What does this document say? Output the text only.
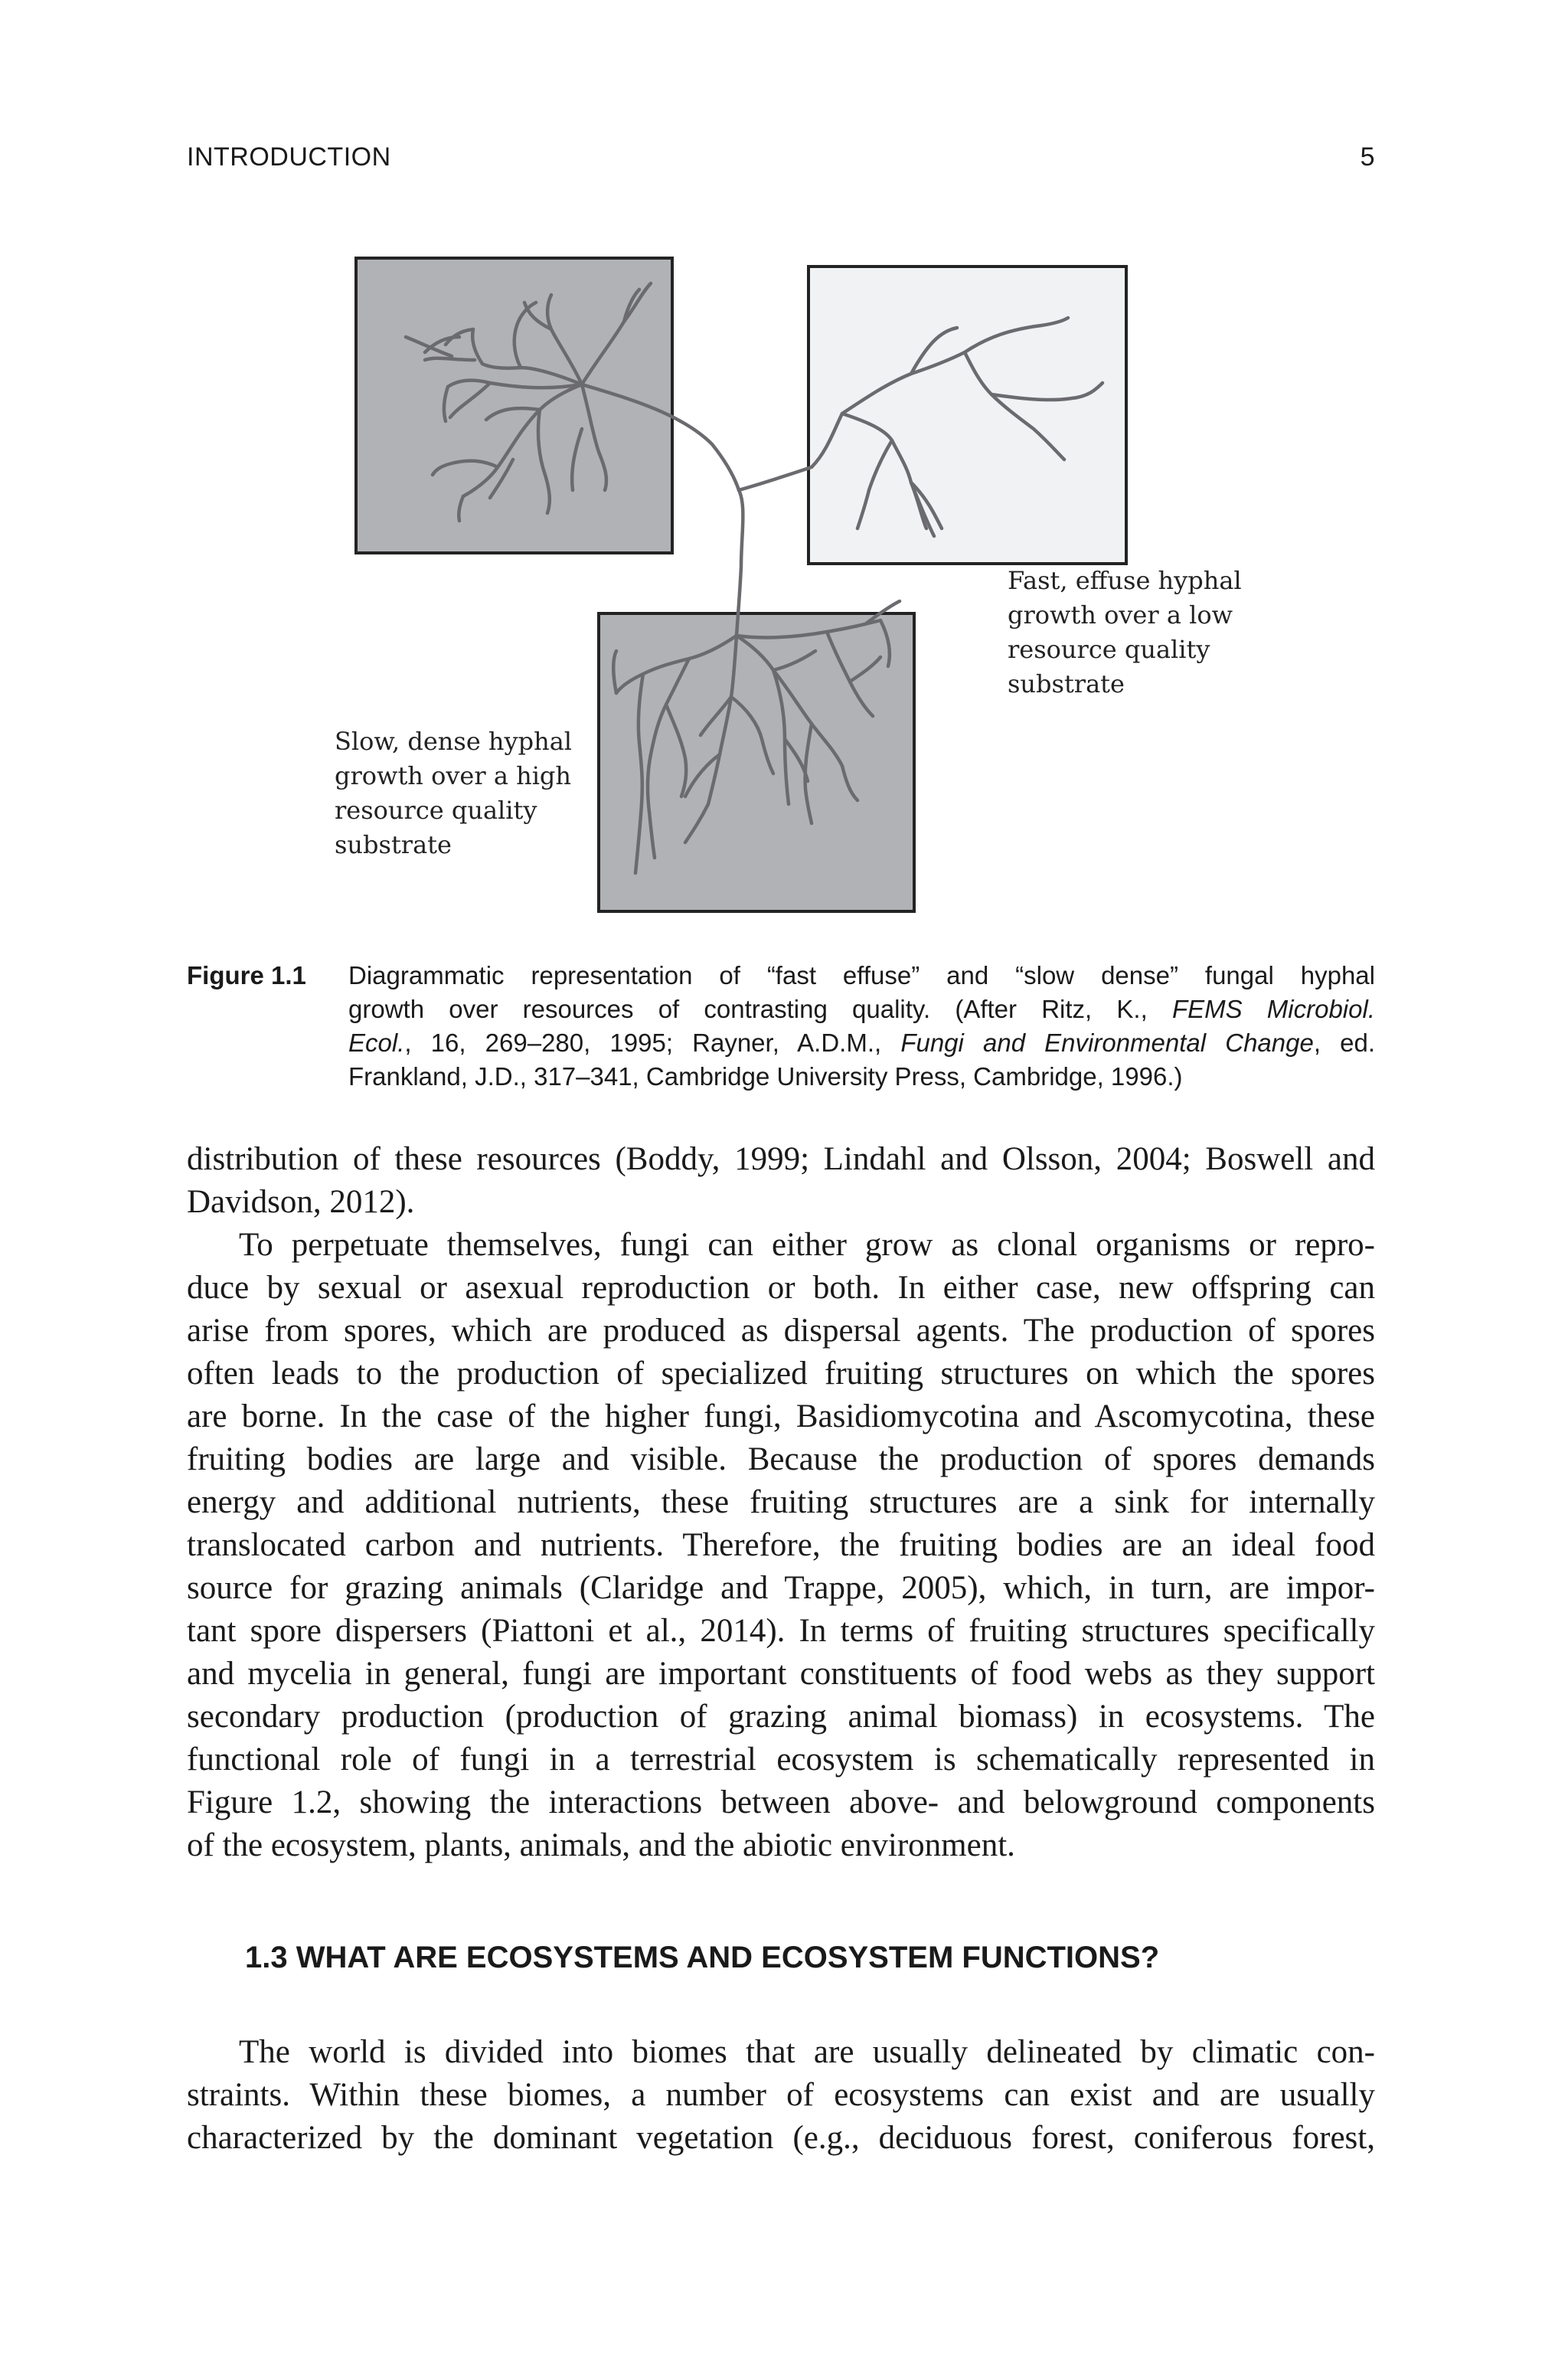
INTRODUCTION	5
Fast, effuse hyphal
growth over a low
resource quality
substrate
Slow, dense hyphal
growth over a high
resource quality
substrate
Figure 1.1 Diagrammatic representation of “fast effuse” and “slow dense” fungal hyphal
growth over resources of contrasting quality. (After Ritz, K., FEMS Microbiol.
Ecol., 16, 269–280, 1995; Rayner, A.D.M., Fungi and Environmental Change, ed.
Frankland, J.D., 317–341, Cambridge University Press, Cambridge, 1996.)
distribution of these resources (Boddy, 1999; Lindahl and Olsson, 2004; Boswell and
Davidson, 2012).
To perpetuate themselves, fungi can either grow as clonal organisms or repro-
duce by sexual or asexual reproduction or both. In either case, new offspring can
arise from spores, which are produced as dispersal agents. The production of spores
often leads to the production of specialized fruiting structures on which the spores
are borne. In the case of the higher fungi, Basidiomycotina and Ascomycotina, these
fruiting bodies are large and visible. Because the production of spores demands
energy and additional nutrients, these fruiting structures are a sink for internally
translocated carbon and nutrients. Therefore, the fruiting bodies are an ideal food
source for grazing animals (Claridge and Trappe, 2005), which, in turn, are impor-
tant spore dispersers (Piattoni et al., 2014). In terms of fruiting structures specifically
and mycelia in general, fungi are important constituents of food webs as they support
secondary production (production of grazing animal biomass) in ecosystems. The
functional role of fungi in a terrestrial ecosystem is schematically represented in
Figure 1.2, showing the interactions between above- and belowground components
of the ecosystem, plants, animals, and the abiotic environment.
1.3 WHAT ARE ECOSYSTEMS AND ECOSYSTEM FUNCTIONS?
The world is divided into biomes that are usually delineated by climatic con-
straints. Within these biomes, a number of ecosystems can exist and are usually
characterized by the dominant vegetation (e.g., deciduous forest, coniferous forest,
